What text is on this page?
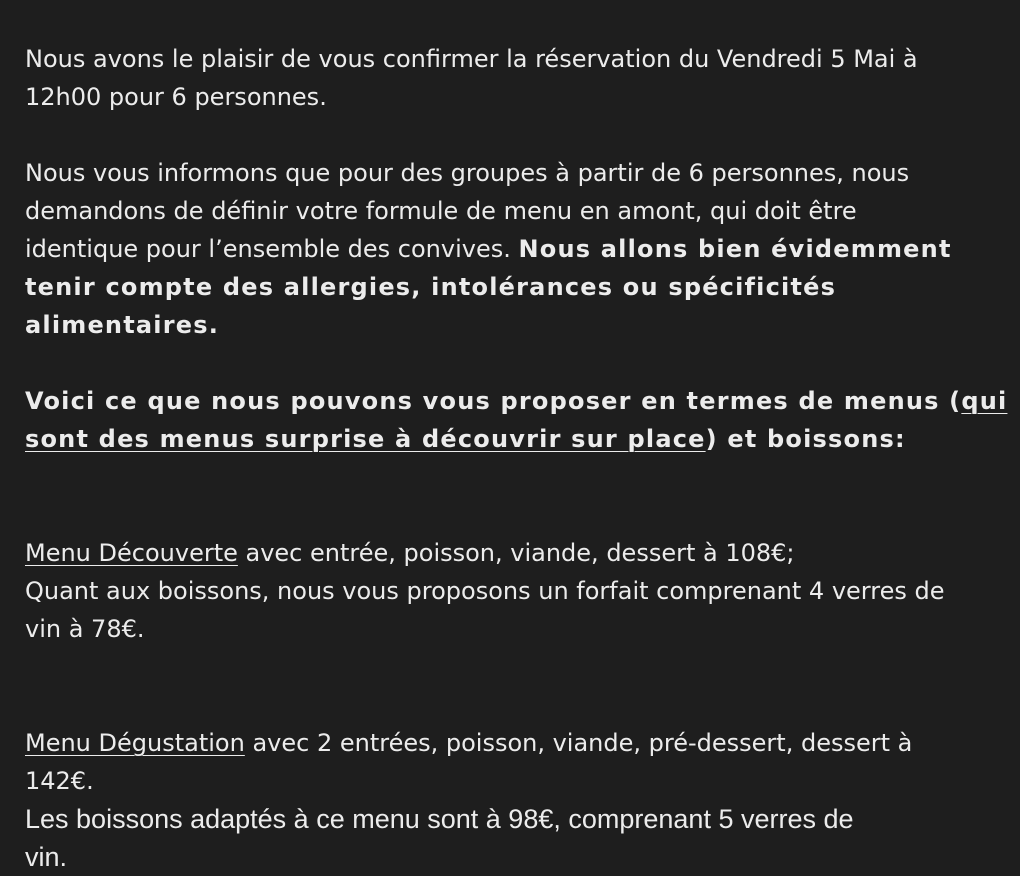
Nous avons le plaisir de vous confirmer la réservation du Vendredi 5 Mai à
12h00 pour 6 personnes.
Nous vous informons que pour des groupes à partir de 6 personnes, nous
demandons de définir votre formule de menu en amont, qui doit être
identique pour l’ensemble des convives. Nous allons bien évidemment
tenir compte des allergies, intolérances ou spécificités
alimentaires.
Voici ce que nous pouvons vous proposer en termes de menus (qui
sont des menus surprise à découvrir sur place) et boissons:
Menu Découverte avec entrée, poisson, viande, dessert à 108€;
Quant aux boissons, nous vous proposons un forfait comprenant 4 verres de
vin à 78€.
Menu Dégustation avec 2 entrées, poisson, viande, pré-dessert, dessert à
142€.
Les boissons adaptés à ce menu sont à 98€, comprenant 5 verres de
vin.
